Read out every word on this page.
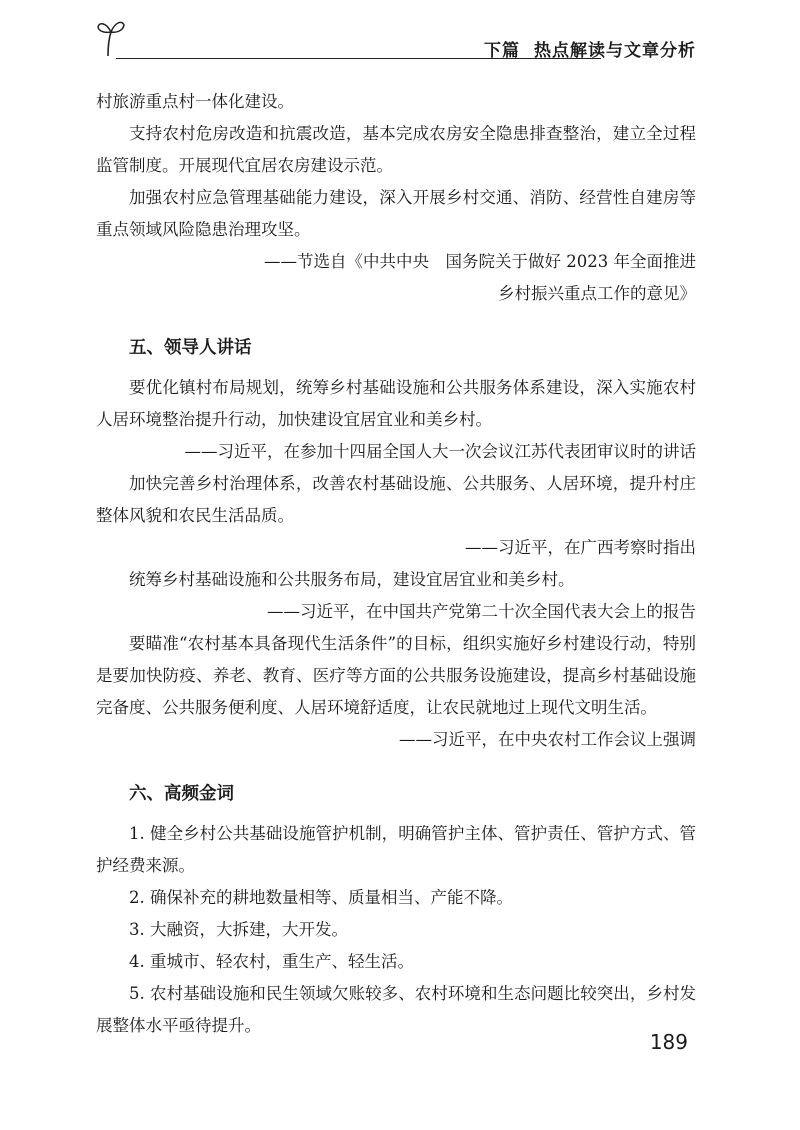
下篇 热点解读与文章分析

村旅游重点村一体化建设。

支持农村危房改造和抗震改造，基本完成农房安全隐患排查整治，建立全过程监管制度。开展现代宜居农房建设示范。

加强农村应急管理基础能力建设，深入开展乡村交通、消防、经营性自建房等重点领域风险隐患治理攻坚。

——节选自《中共中央　国务院关于做好 2023 年全面推进

乡村振兴重点工作的意见》

五、领导人讲话

要优化镇村布局规划，统筹乡村基础设施和公共服务体系建设，深入实施农村人居环境整治提升行动，加快建设宜居宜业和美乡村。

——习近平，在参加十四届全国人大一次会议江苏代表团审议时的讲话

加快完善乡村治理体系，改善农村基础设施、公共服务、人居环境，提升村庄整体风貌和农民生活品质。

——习近平，在广西考察时指出

统筹乡村基础设施和公共服务布局，建设宜居宜业和美乡村。

——习近平，在中国共产党第二十次全国代表大会上的报告

要瞄准“农村基本具备现代生活条件”的目标，组织实施好乡村建设行动，特别是要加快防疫、养老、教育、医疗等方面的公共服务设施建设，提高乡村基础设施完备度、公共服务便利度、人居环境舒适度，让农民就地过上现代文明生活。

——习近平，在中央农村工作会议上强调

六、高频金词

1. 健全乡村公共基础设施管护机制，明确管护主体、管护责任、管护方式、管护经费来源。

2. 确保补充的耕地数量相等、质量相当、产能不降。

3. 大融资，大拆建，大开发。

4. 重城市、轻农村，重生产、轻生活。

5. 农村基础设施和民生领域欠账较多、农村环境和生态问题比较突出，乡村发展整体水平亟待提升。

189
